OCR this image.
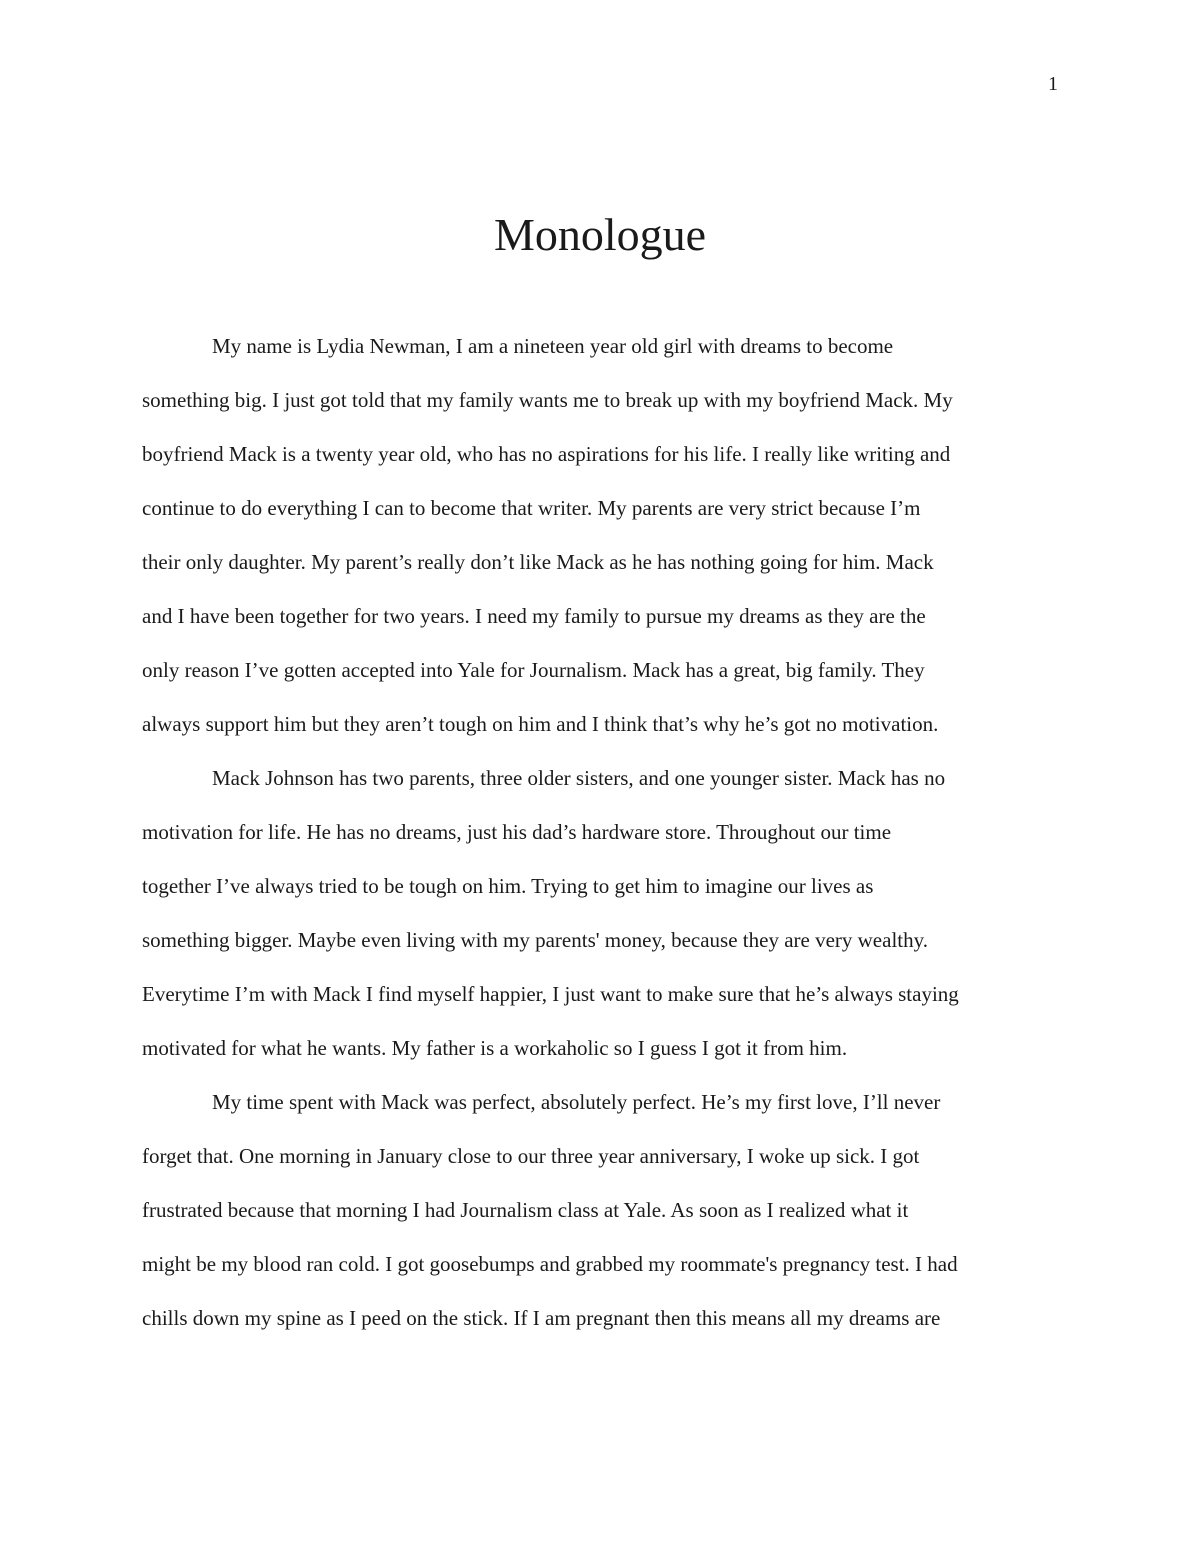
1
Monologue
My name is Lydia Newman, I am a nineteen year old girl with dreams to become
something big. I just got told that my family wants me to break up with my boyfriend Mack. My
boyfriend Mack is a twenty year old, who has no aspirations for his life. I really like writing and
continue to do everything I can to become that writer. My parents are very strict because I’m
their only daughter. My parent’s really don’t like Mack as he has nothing going for him. Mack
and I have been together for two years. I need my family to pursue my dreams as they are the
only reason I’ve gotten accepted into Yale for Journalism. Mack has a great, big family. They
always support him but they aren’t tough on him and I think that’s why he’s got no motivation.
Mack Johnson has two parents, three older sisters, and one younger sister. Mack has no
motivation for life. He has no dreams, just his dad’s hardware store. Throughout our time
together I’ve always tried to be tough on him. Trying to get him to imagine our lives as
something bigger. Maybe even living with my parents' money, because they are very wealthy.
Everytime I’m with Mack I find myself happier, I just want to make sure that he’s always staying
motivated for what he wants. My father is a workaholic so I guess I got it from him.
My time spent with Mack was perfect, absolutely perfect. He’s my first love, I’ll never
forget that. One morning in January close to our three year anniversary, I woke up sick. I got
frustrated because that morning I had Journalism class at Yale. As soon as I realized what it
might be my blood ran cold. I got goosebumps and grabbed my roommate's pregnancy test. I had
chills down my spine as I peed on the stick. If I am pregnant then this means all my dreams are
